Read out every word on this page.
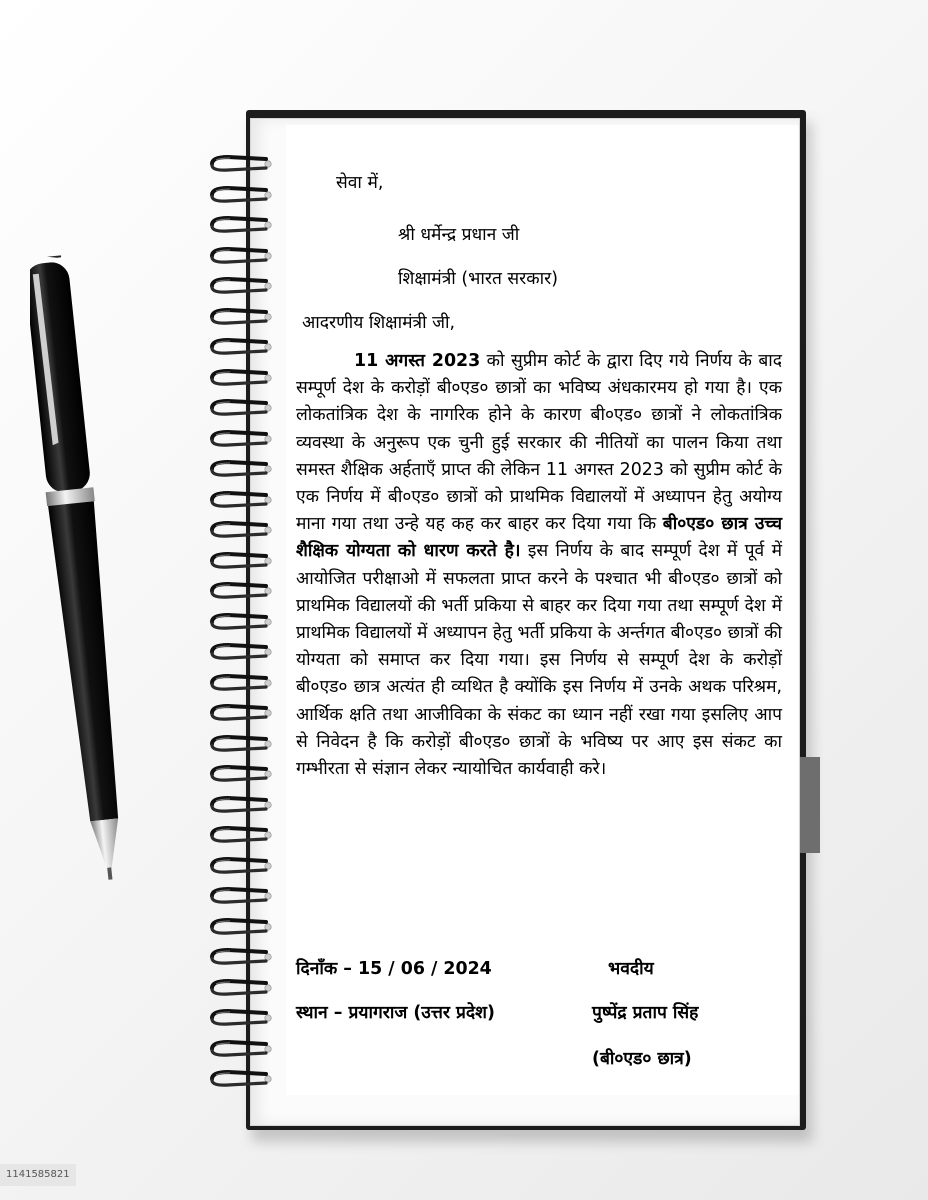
सेवा में,
श्री धर्मेन्द्र प्रधान जी
शिक्षामंत्री (भारत सरकार)
आदरणीय शिक्षामंत्री जी,
11 अगस्त 2023 को सुप्रीम कोर्ट के द्वारा दिए गये निर्णय के बाद सम्पूर्ण देश के करोड़ों बी०एड० छात्रों का भविष्य अंधकारमय हो गया है। एक लोकतांत्रिक देश के नागरिक होने के कारण बी०एड० छात्रों ने लोकतांत्रिक व्यवस्था के अनुरूप एक चुनी हुई सरकार की नीतियों का पालन किया तथा समस्त शैक्षिक अर्हताएँ प्राप्त की लेकिन 11 अगस्त 2023 को सुप्रीम कोर्ट के एक निर्णय में बी०एड० छात्रों को प्राथमिक विद्यालयों में अध्यापन हेतु अयोग्य माना गया तथा उन्हे यह कह कर बाहर कर दिया गया कि बी०एड० छात्र उच्च शैक्षिक योग्यता को धारण करते है। इस निर्णय के बाद सम्पूर्ण देश में पूर्व में आयोजित परीक्षाओ में सफलता प्राप्त करने के पश्चात भी बी०एड० छात्रों को प्राथमिक विद्यालयों की भर्ती प्रकिया से बाहर कर दिया गया तथा सम्पूर्ण देश में प्राथमिक विद्यालयों में अध्यापन हेतु भर्ती प्रकिया के अर्न्तगत बी०एड० छात्रों की योग्यता को समाप्त कर दिया गया। इस निर्णय से सम्पूर्ण देश के करोड़ों बी०एड० छात्र अत्यंत ही व्यथित है क्योंकि इस निर्णय में उनके अथक परिश्रम, आर्थिक क्षति तथा आजीविका के संकट का ध्यान नहीं रखा गया इसलिए आप से निवेदन है कि करोड़ों बी०एड० छात्रों के भविष्य पर आए इस संकट का गम्भीरता से संज्ञान लेकर न्यायोचित कार्यवाही करे।
दिनाँक – 15 / 06 / 2024	भवदीय
स्थान – प्रयागराज (उत्तर प्रदेश)	पुष्पेंद्र प्रताप सिंह
(बी०एड० छात्र)
1141585821
